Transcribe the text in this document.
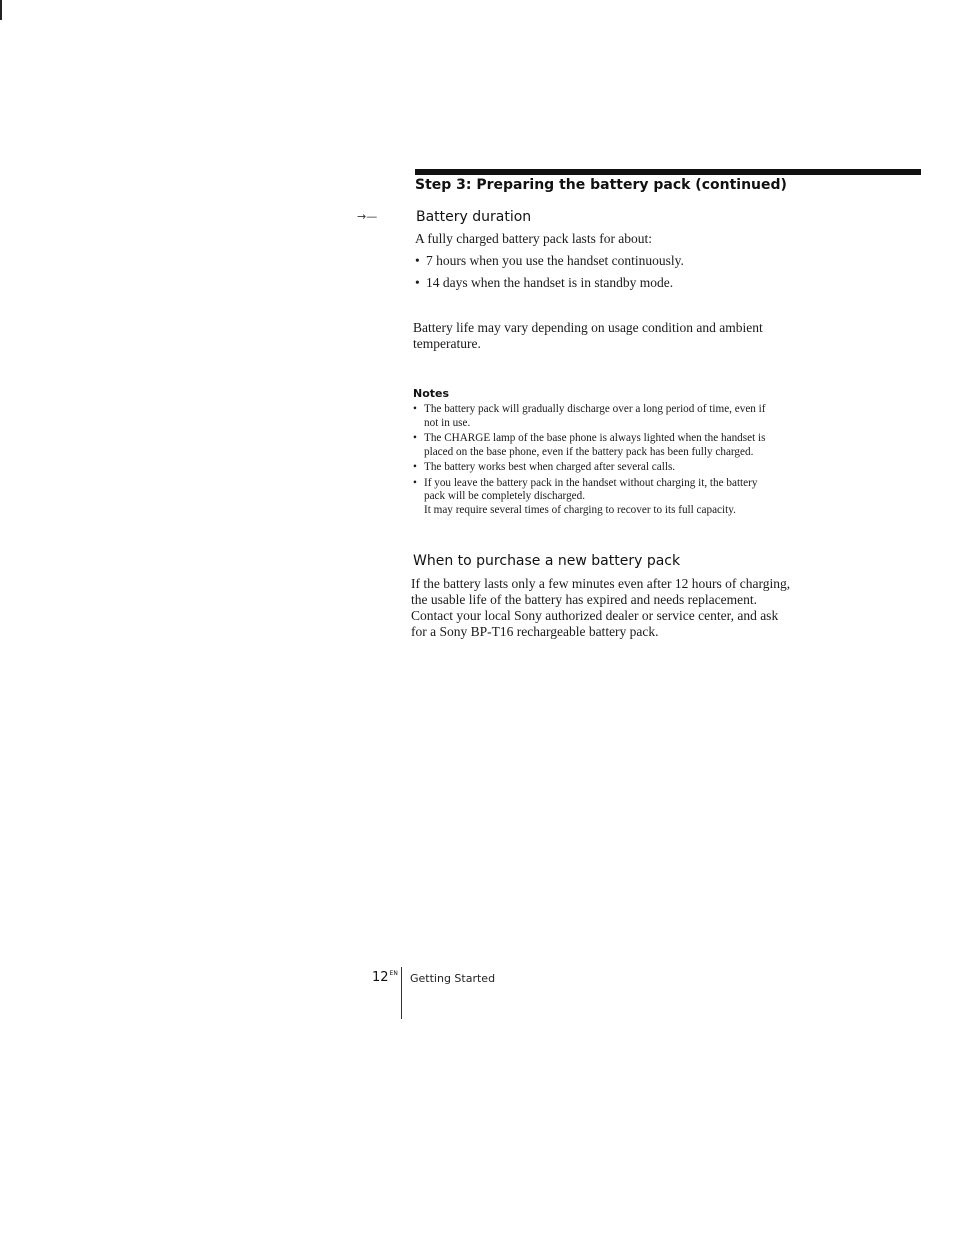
Step 3: Preparing the battery pack (continued)
→—	Battery duration

A fully charged battery pack lasts for about:

• 7 hours when you use the handset continuously.
• 14 days when the handset is in standby mode.

Battery life may vary depending on usage condition and ambient
temperature.

Notes
• The battery pack will gradually discharge over a long period of time, even if
not in use.
• The CHARGE lamp of the base phone is always lighted when the handset is
placed on the base phone, even if the battery pack has been fully charged.
• The battery works best when charged after several calls.
• If you leave the battery pack in the handset without charging it, the battery
pack will be completely discharged.
It may require several times of charging to recover to its full capacity.
When to purchase a new battery pack

If the battery lasts only a few minutes even after 12 hours of charging,
the usable life of the battery has expired and needs replacement.
Contact your local Sony authorized dealer or service center, and ask
for a Sony BP-T16 rechargeable battery pack.

$12^{EN}$ Getting Started
